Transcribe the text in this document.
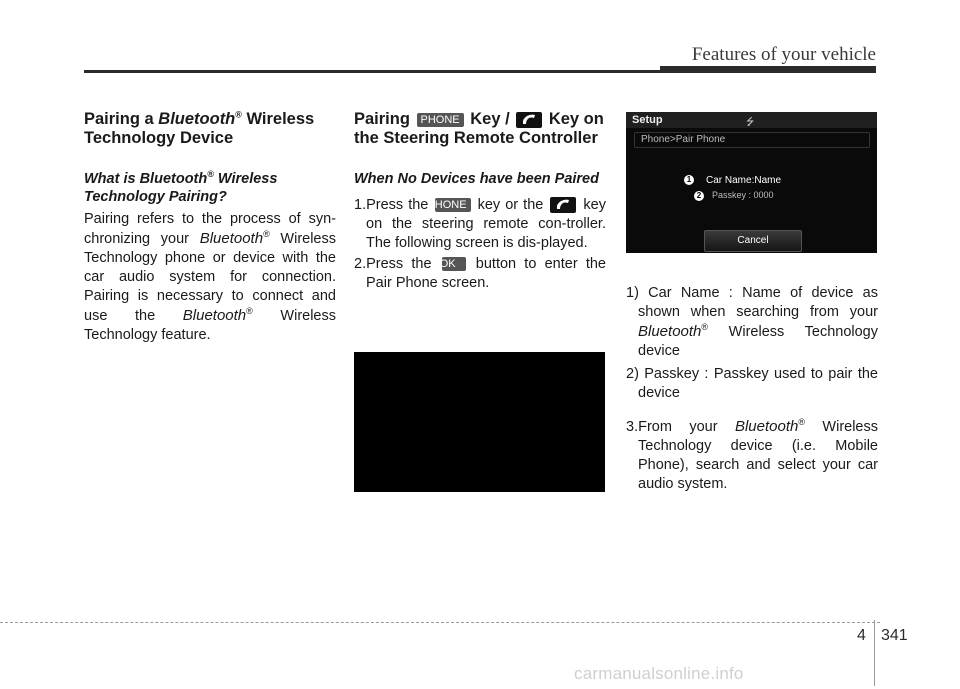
Features of your vehicle
Pairing a Bluetooth® Wireless Technology Device
What is Bluetooth® Wireless Technology Pairing?

Pairing refers to the process of syn-chronizing your Bluetooth® Wireless Technology phone or device with the car audio system for connection. Pairing is necessary to connect and use the Bluetooth® Wireless Technology feature.

Pairing PHONE Key /
Key on the Steering Remote Controller
When No Devices have been Paired
1.Press the PHONE key or the
key on the steering remote con-troller. The following screen is dis-played.
2.Press the OK button to enter the Pair Phone screen.
Setup	⭍
Phone>Pair Phone
1
2
Car Name:Name
Passkey : 0000
Cancel
1) Car Name : Name of device as shown when searching from your Bluetooth® Wireless Technology device
2) Passkey : Passkey used to pair the device
3.From your Bluetooth® Wireless Technology device (i.e. Mobile Phone), search and select your car audio system.
4 341
carmanualsonline.info
